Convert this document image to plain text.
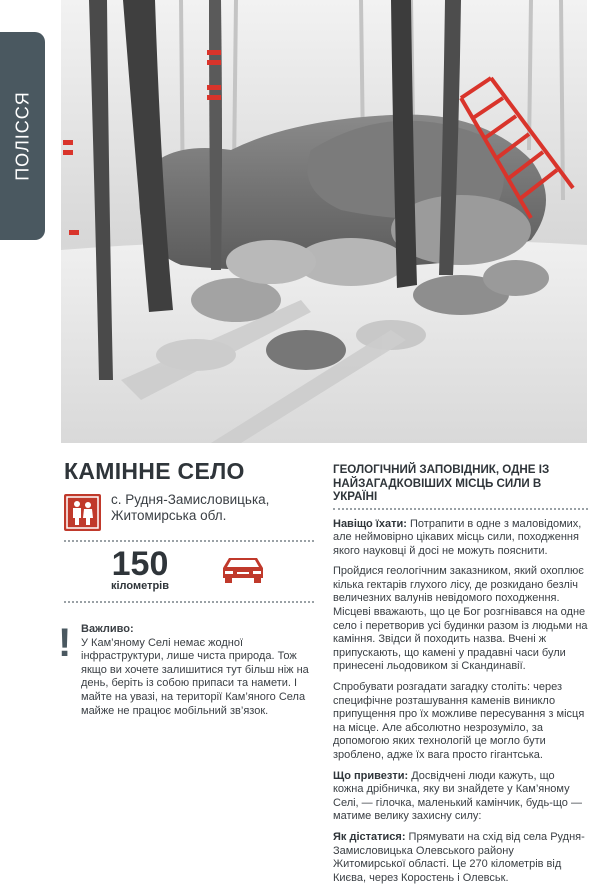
ПОЛІССЯ
КАМІННЕ СЕЛО
с. Рудня-Замисловицька,
Житомирська обл.
150
кілометрів
! Важливо:
У Кам’яному Селі немає жодної інфраструктури, лише чиста природа. Тож якщо ви хочете залишитися тут більш ніж на день, беріть із собою припаси та намети. І майте на увазі, на території Кам’яного Села майже не працює мобільний зв’язок.
ГЕОЛОГІЧНИЙ ЗАПОВІДНИК, ОДНЕ ІЗ НАЙЗАГАДКОВІШИХ МІСЦЬ СИЛИ В УКРАЇНІ

Навіщо їхати: Потрапити в одне з маловідомих, але неймовірно цікавих місць сили, походження якого науковці й досі не можуть пояснити.

Пройдися геологічним заказником, який охоплює кілька гектарів глухого лісу, де розкидано безліч величезних валунів невідомого походження. Місцеві вважають, що це Бог розгнівався на одне село і перетворив усі будинки разом із людьми на каміння. Звідси й походить назва. Вчені ж припускають, що камені у прадавні часи були принесені льодовиком зі Скандинавії.

Спробувати розгадати загадку століть: через специфічне розташування каменів виникло припущення про їх можливе пересування з місця на місце. Але абсолютно незрозуміло, за допомогою яких технологій це могло бути зроблено, адже їх вага просто гігантська.

Що привезти: Досвідчені люди кажуть, що кожна дрібничка, яку ви знайдете у Кам’яному Селі, — гілочка, маленький камінчик, будь-що — матиме велику захисну силу:

Як дістатися: Прямувати на схід від села Рудня-Замисловицька Олевського району Житомирської області. Це 270 кілометрів від Києва, через Коростень і Олевськ.
